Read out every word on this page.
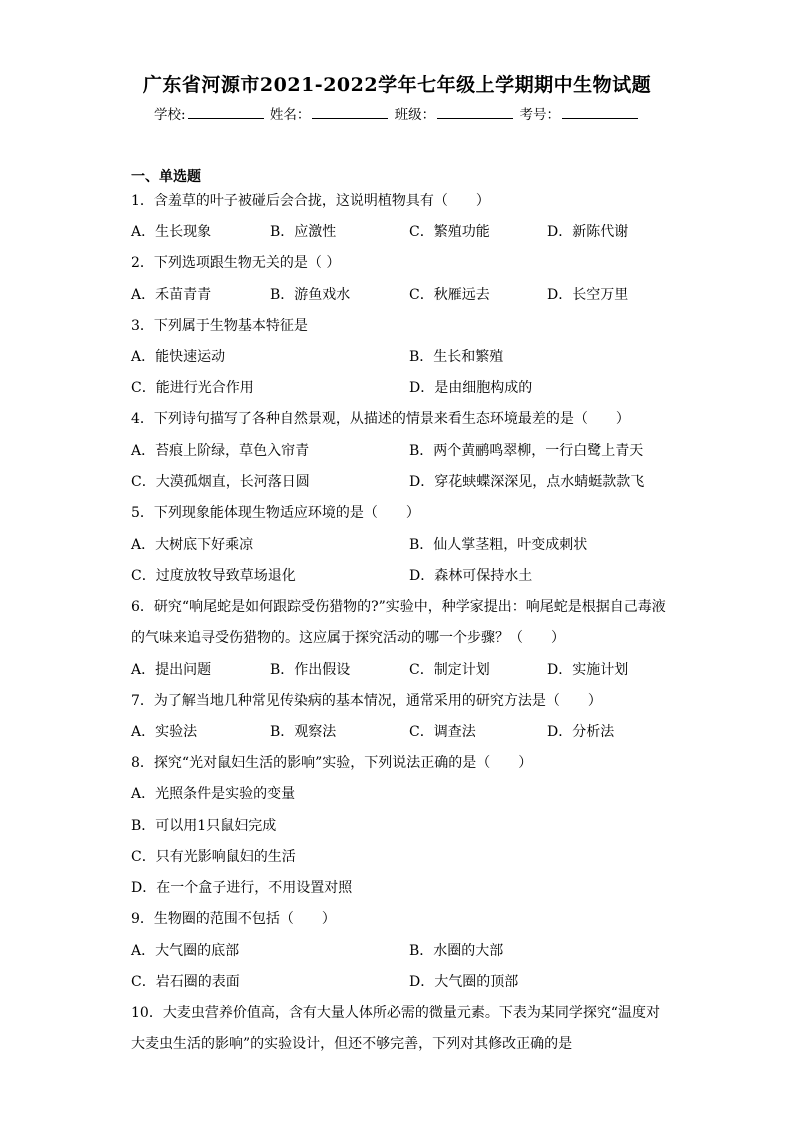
广东省河源市2021-2022学年七年级上学期期中生物试题
学校:	姓名：	班级：	考号：
一、单选题
1．含羞草的叶子被碰后会合拢，这说明植物具有（　　）
A．生长现象	B．应激性	C．繁殖功能	D．新陈代谢
2．下列选项跟生物无关的是（ ）
A．禾苗青青	B．游鱼戏水	C．秋雁远去	D．长空万里
3．下列属于生物基本特征是
A．能快速运动	B．生长和繁殖
C．能进行光合作用	D．是由细胞构成的
4．下列诗句描写了各种自然景观，从描述的情景来看生态环境最差的是（　　）
A．苔痕上阶绿，草色入帘青	B．两个黄鹂鸣翠柳，一行白鹭上青天
C．大漠孤烟直，长河落日圆	D．穿花蛱蝶深深见，点水蜻蜓款款飞
5．下列现象能体现生物适应环境的是（　　）
A．大树底下好乘凉	B．仙人掌茎粗，叶变成刺状
C．过度放牧导致草场退化	D．森林可保持水土
6．研究“响尾蛇是如何跟踪受伤猎物的?”实验中，种学家提出：响尾蛇是根据自己毒液
的气味来追寻受伤猎物的。这应属于探究活动的哪一个步骤？（　　）
A．提出问题	B．作出假设	C．制定计划	D．实施计划
7．为了解当地几种常见传染病的基本情况，通常采用的研究方法是（　　）
A．实验法	B．观察法	C．调查法	D．分析法
8．探究“光对鼠妇生活的影响”实验，下列说法正确的是（　　）
A．光照条件是实验的变量
B．可以用1只鼠妇完成
C．只有光影响鼠妇的生活
D．在一个盒子进行，不用设置对照
9．生物圈的范围不包括（　　）
A．大气圈的底部	B．水圈的大部
C．岩石圈的表面	D．大气圈的顶部
10．大麦虫营养价值高，含有大量人体所必需的微量元素。下表为某同学探究“温度对
大麦虫生活的影响”的实验设计，但还不够完善，下列对其修改正确的是
